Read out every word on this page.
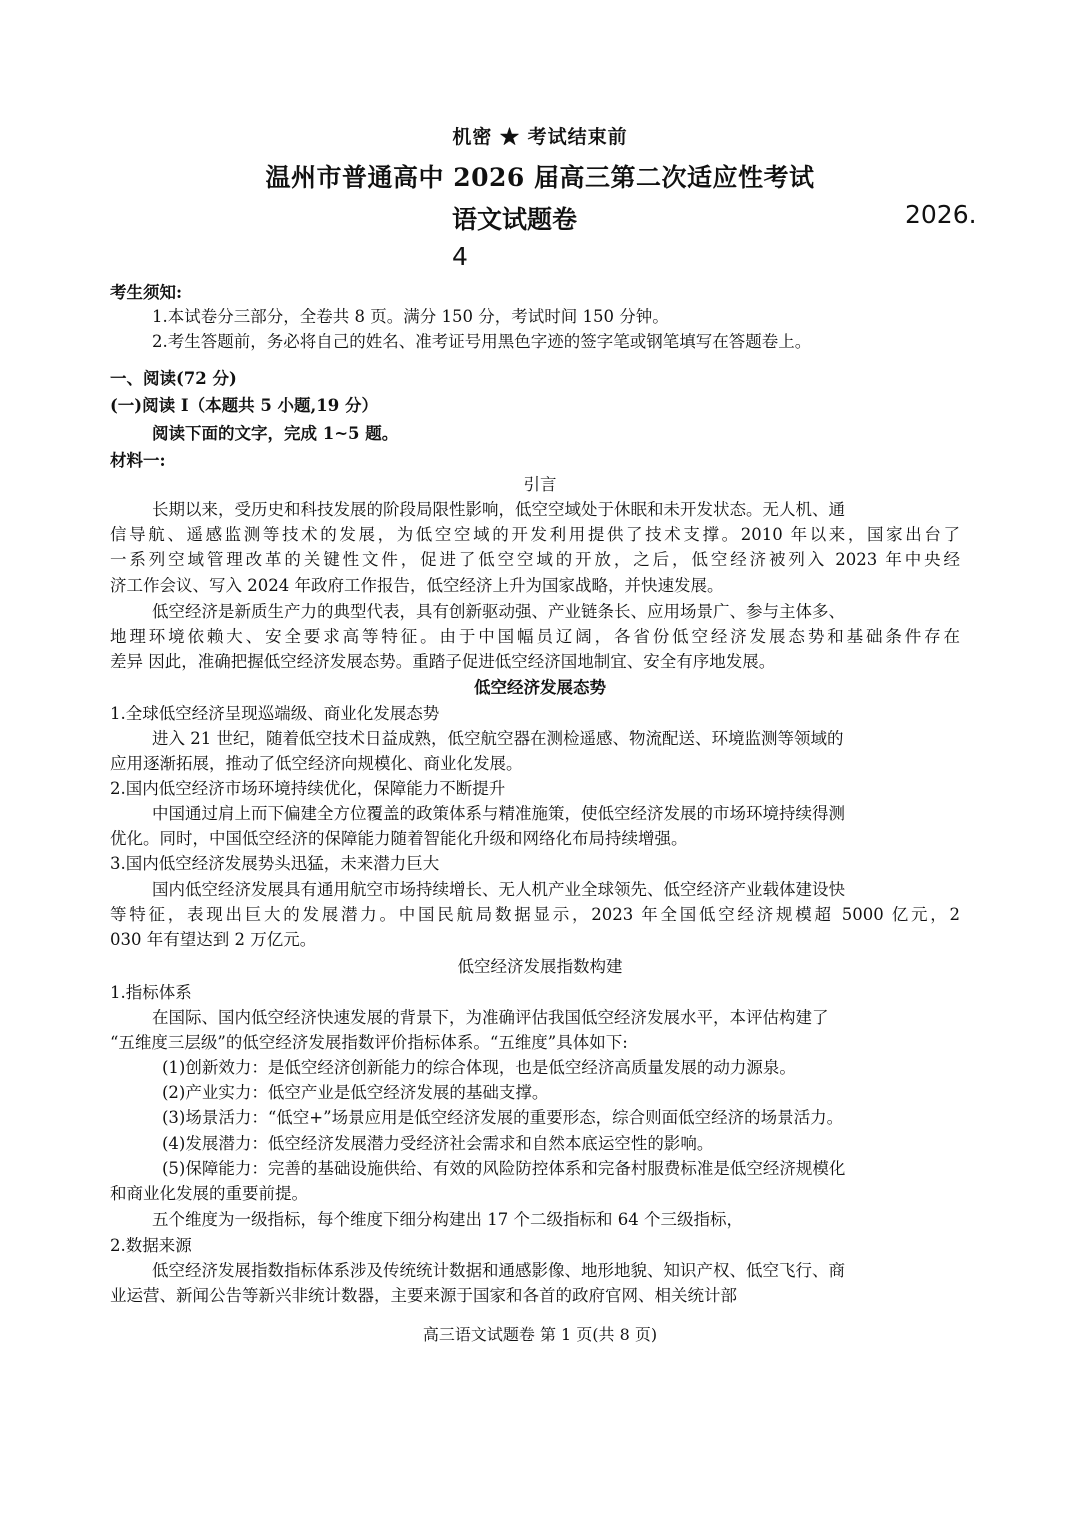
机密 ★ 考试结束前
温州市普通高中 2026 届高三第二次适应性考试
语文试题卷	2026.
4
考生须知:
1.本试卷分三部分，全卷共 8 页。满分 150 分，考试时间 150 分钟。
2.考生答题前，务必将自己的姓名、准考证号用黑色字迹的签字笔或钢笔填写在答题卷上。
一、阅读(72 分)
(一)阅读 I（本题共 5 小题,19 分）
阅读下面的文字，完成 1~5 题。
材料一:
引言
长期以来，受历史和科技发展的阶段局限性影响，低空空域处于休眠和未开发状态。无人机、通
信导航、遥感监测等技术的发展，为低空空域的开发利用提供了技术支撑。2010 年以来，国家出台了
一系列空域管理改革的关键性文件，促进了低空空域的开放，之后，低空经济被列入 2023 年中央经
济工作会议、写入 2024 年政府工作报告，低空经济上升为国家战略，并快速发展。
低空经济是新质生产力的典型代表，具有创新驱动强、产业链条长、应用场景广、参与主体多、
地理环境依赖大、安全要求高等特征。由于中国幅员辽阔，各省份低空经济发展态势和基础条件存在
差异 因此，准确把握低空经济发展态势。重踏子促进低空经济国地制宜、安全有序地发展。
低空经济发展态势
1.全球低空经济呈现巡端级、商业化发展态势
进入 21 世纪，随着低空技术日益成熟，低空航空器在测检遥感、物流配送、环境监测等领域的
应用逐渐拓展，推动了低空经济向规模化、商业化发展。
2.国内低空经济市场环境持续优化，保障能力不断提升
中国通过肩上而下偏建全方位覆盖的政策体系与精准施策，使低空经济发展的市场环境持续得测
优化。同时，中国低空经济的保障能力随着智能化升级和网络化布局持续增强。
3.国内低空经济发展势头迅猛，未来潜力巨大
国内低空经济发展具有通用航空市场持续增长、无人机产业全球领先、低空经济产业载体建设快
等特征，表现出巨大的发展潜力。中国民航局数据显示，2023 年全国低空经济规模超 5000 亿元，2
030 年有望达到 2 万亿元。
低空经济发展指数构建
1.指标体系
在国际、国内低空经济快速发展的背景下，为准确评估我国低空经济发展水平，本评估构建了
“五维度三层级”的低空经济发展指数评价指标体系。“五维度”具体如下:
(1)创新效力：是低空经济创新能力的综合体现，也是低空经济高质量发展的动力源泉。
(2)产业实力：低空产业是低空经济发展的基础支撑。
(3)场景活力：“低空+”场景应用是低空经济发展的重要形态，综合则面低空经济的场景活力。
(4)发展潜力：低空经济发展潜力受经济社会需求和自然本底运空性的影响。
(5)保障能力：完善的基础设施供给、有效的风险防控体系和完备村服费标准是低空经济规模化
和商业化发展的重要前提。
五个维度为一级指标，每个维度下细分构建出 17 个二级指标和 64 个三级指标，
2.数据来源
低空经济发展指数指标体系涉及传统统计数据和通感影像、地形地貌、知识产权、低空飞行、商
业运营、新闻公告等新兴非统计数器，主要来源于国家和各首的政府官网、相关统计部
高三语文试题卷 第 1 页(共 8 页)
